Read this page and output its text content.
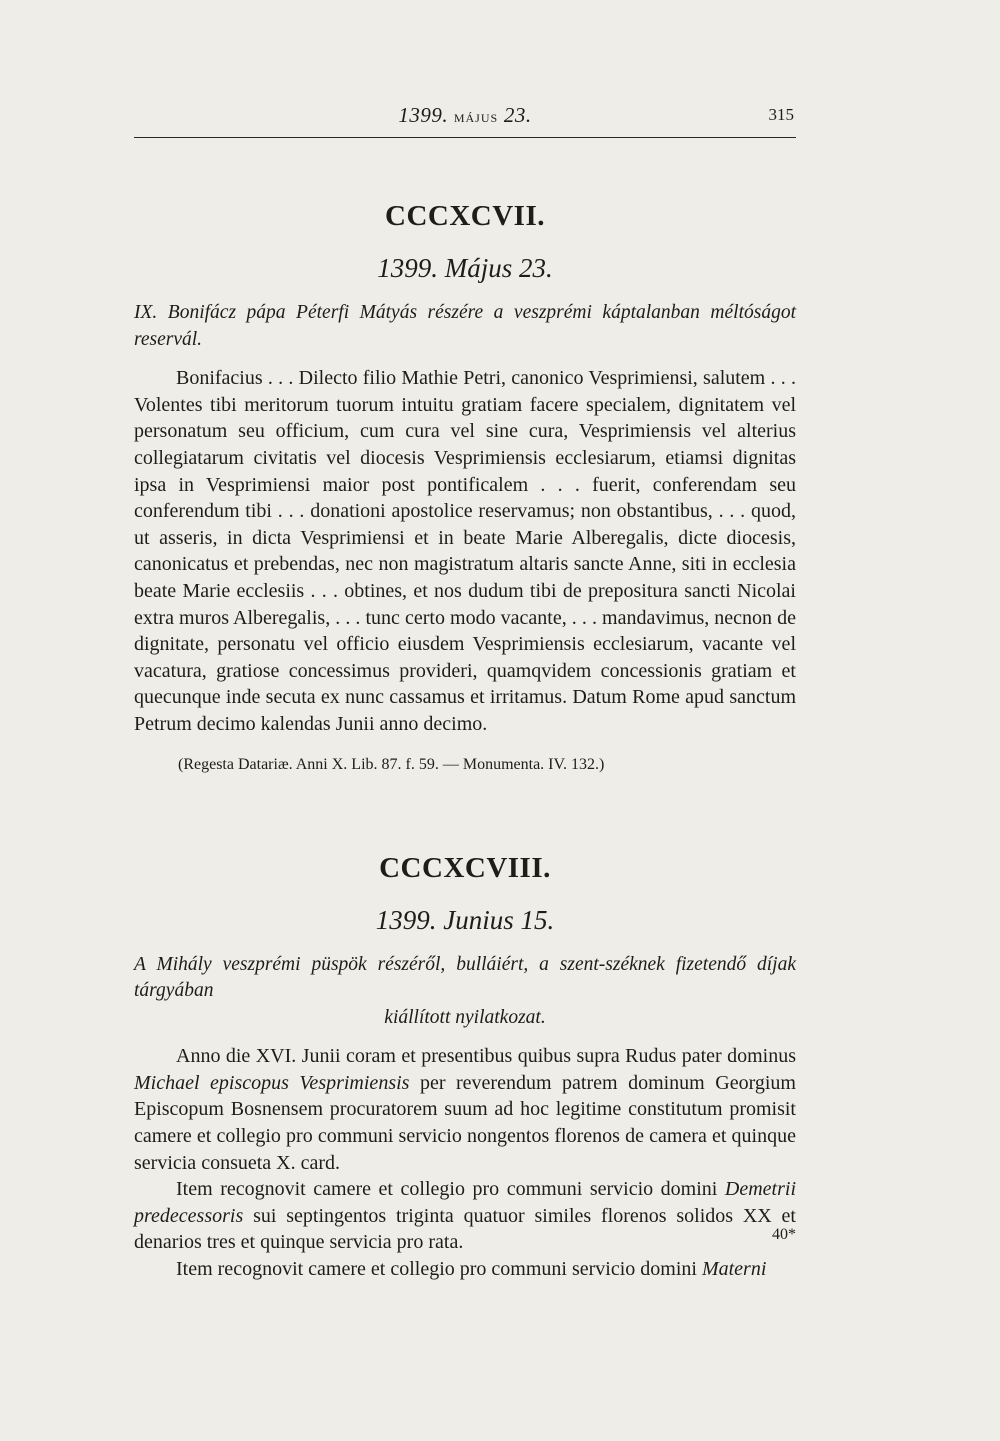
1399. MÁJUS 23.	315
CCCXCVII.
1399. Május 23.
IX. Bonifácz pápa Péterfi Mátyás részére a veszprémi káptalanban méltóságot reservál.

Bonifacius . . . Dilecto filio Mathie Petri, canonico Vesprimiensi, salutem . . . Volentes tibi meritorum tuorum intuitu gratiam facere specialem, dignitatem vel personatum seu officium, cum cura vel sine cura, Vesprimiensis vel alterius collegiatarum civitatis vel diocesis Vesprimiensis ecclesiarum, etiamsi dignitas ipsa in Vesprimiensi maior post pontificalem . . . fuerit, conferendam seu conferendum tibi . . . donationi apostolice reservamus; non obstantibus, . . . quod, ut asseris, in dicta Vesprimiensi et in beate Marie Alberegalis, dicte diocesis, canonicatus et prebendas, nec non magistratum altaris sancte Anne, siti in ecclesia beate Marie ecclesiis . . . obtines, et nos dudum tibi de prepositura sancti Nicolai extra muros Alberegalis, . . . tunc certo modo vacante, . . . mandavimus, necnon de dignitate, personatu vel officio eiusdem Vesprimiensis ecclesiarum, vacante vel vacatura, gratiose concessimus provideri, quamqvidem concessionis gratiam et quecunque inde secuta ex nunc cassamus et irritamus. Datum Rome apud sanctum Petrum decimo kalendas Junii anno decimo.

(Regesta Datariæ. Anni X. Lib. 87. f. 59. — Monumenta. IV. 132.)
CCCXCVIII.
1399. Junius 15.
A Mihály veszprémi püspök részéről, bulláiért, a szent-széknek fizetendő díjak tárgyában
kiállított nyilatkozat.

Anno die XVI. Junii coram et presentibus quibus supra Rudus pater dominus Michael episcopus Vesprimiensis per reverendum patrem dominum Georgium Episcopum Bosnensem procuratorem suum ad hoc legitime constitutum promisit camere et collegio pro communi servicio nongentos florenos de camera et quinque servicia consueta X. card.

Item recognovit camere et collegio pro communi servicio domini Demetrii predecessoris sui septingentos triginta quatuor similes florenos solidos XX et denarios tres et quinque servicia pro rata.

Item recognovit camere et collegio pro communi servicio domini Materni

40*
